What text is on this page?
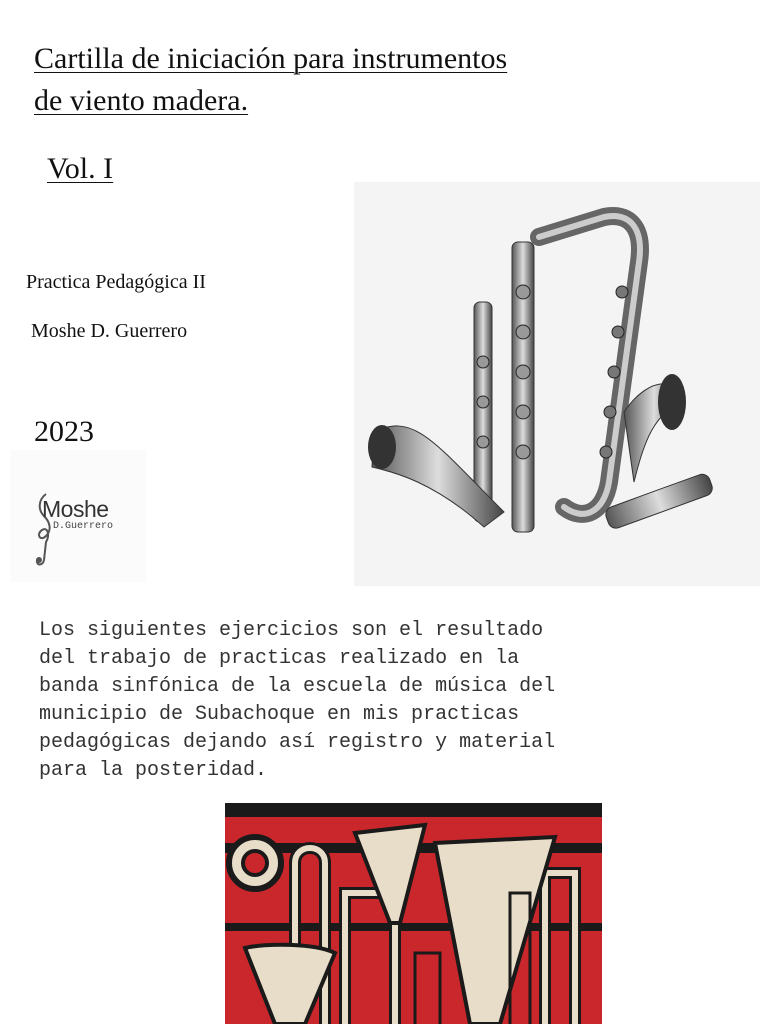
Cartilla de iniciación para instrumentos
de viento madera.
Vol. I
Practica Pedagógica II
Moshe D. Guerrero
2023
Moshe
D.Guerrero
Los siguientes ejercicios son el resultado
del trabajo de practicas realizado en la
banda sinfónica de la escuela de música del
municipio de Subachoque en mis practicas
pedagógicas dejando así registro y material
para la posteridad.
